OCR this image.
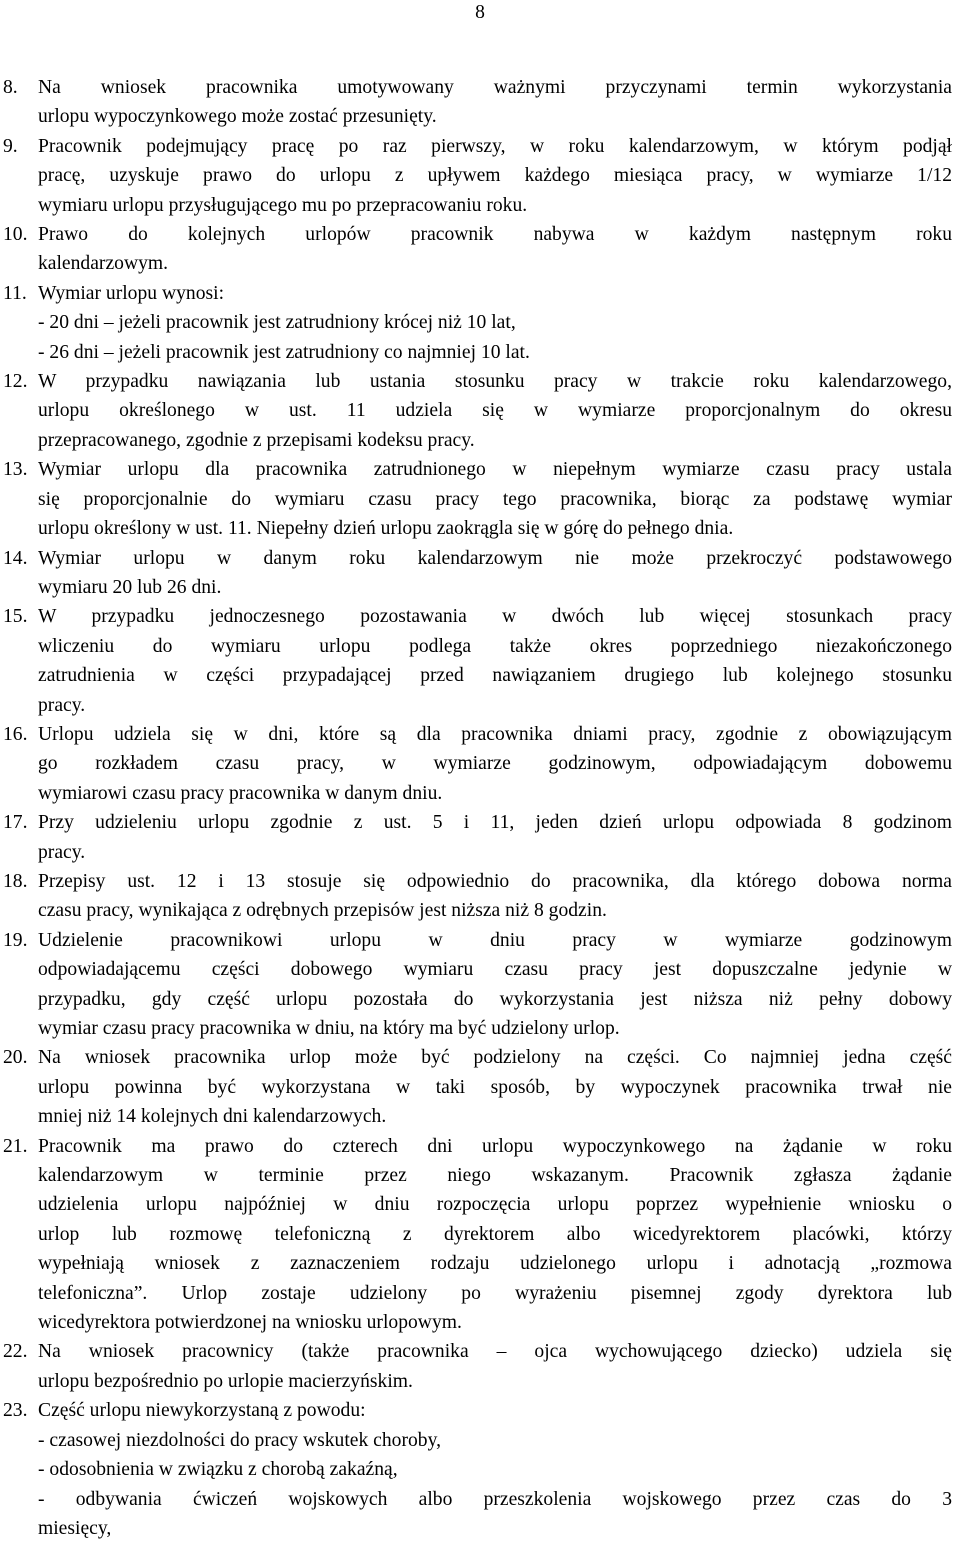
8
8. Na wniosek pracownika umotywowany ważnymi przyczynami termin wykorzystania
urlopu wypoczynkowego może zostać przesunięty.
9. Pracownik podejmujący pracę po raz pierwszy, w roku kalendarzowym, w którym podjął
pracę, uzyskuje prawo do urlopu z upływem każdego miesiąca pracy, w wymiarze 1/12
wymiaru urlopu przysługującego mu po przepracowaniu roku.
10. Prawo do kolejnych urlopów pracownik nabywa w każdym następnym roku
kalendarzowym.
11. Wymiar urlopu wynosi:
- 20 dni – jeżeli pracownik jest zatrudniony krócej niż 10 lat,
- 26 dni – jeżeli pracownik jest zatrudniony co najmniej 10 lat.
12. W przypadku nawiązania lub ustania stosunku pracy w trakcie roku kalendarzowego,
urlopu określonego w ust. 11 udziela się w wymiarze proporcjonalnym do okresu
przepracowanego, zgodnie z przepisami kodeksu pracy.
13. Wymiar urlopu dla pracownika zatrudnionego w niepełnym wymiarze czasu pracy ustala
się proporcjonalnie do wymiaru czasu pracy tego pracownika, biorąc za podstawę wymiar
urlopu określony w ust. 11. Niepełny dzień urlopu zaokrągla się w górę do pełnego dnia.
14. Wymiar urlopu w danym roku kalendarzowym nie może przekroczyć podstawowego
wymiaru 20 lub 26 dni.
15. W przypadku jednoczesnego pozostawania w dwóch lub więcej stosunkach pracy
wliczeniu do wymiaru urlopu podlega także okres poprzedniego niezakończonego
zatrudnienia w części przypadającej przed nawiązaniem drugiego lub kolejnego stosunku
pracy.
16. Urlopu udziela się w dni, które są dla pracownika dniami pracy, zgodnie z obowiązującym
go rozkładem czasu pracy, w wymiarze godzinowym, odpowiadającym dobowemu
wymiarowi czasu pracy pracownika w danym dniu.
17. Przy udzieleniu urlopu zgodnie z ust. 5 i 11, jeden dzień urlopu odpowiada 8 godzinom
pracy.
18. Przepisy ust. 12 i 13 stosuje się odpowiednio do pracownika, dla którego dobowa norma
czasu pracy, wynikająca z odrębnych przepisów jest niższa niż 8 godzin.
19. Udzielenie pracownikowi urlopu w dniu pracy w wymiarze godzinowym
odpowiadającemu części dobowego wymiaru czasu pracy jest dopuszczalne jedynie w
przypadku, gdy część urlopu pozostała do wykorzystania jest niższa niż pełny dobowy
wymiar czasu pracy pracownika w dniu, na który ma być udzielony urlop.
20. Na wniosek pracownika urlop może być podzielony na części. Co najmniej jedna część
urlopu powinna być wykorzystana w taki sposób, by wypoczynek pracownika trwał nie
mniej niż 14 kolejnych dni kalendarzowych.
21. Pracownik ma prawo do czterech dni urlopu wypoczynkowego na żądanie w roku
kalendarzowym w terminie przez niego wskazanym. Pracownik zgłasza żądanie
udzielenia urlopu najpóźniej w dniu rozpoczęcia urlopu poprzez wypełnienie wniosku o
urlop lub rozmowę telefoniczną z dyrektorem albo wicedyrektorem placówki, którzy
wypełniają wniosek z zaznaczeniem rodzaju udzielonego urlopu i adnotacją „rozmowa
telefoniczna”. Urlop zostaje udzielony po wyrażeniu pisemnej zgody dyrektora lub
wicedyrektora potwierdzonej na wniosku urlopowym.
22. Na wniosek pracownicy (także pracownika – ojca wychowującego dziecko) udziela się
urlopu bezpośrednio po urlopie macierzyńskim.
23. Część urlopu niewykorzystaną z powodu:
- czasowej niezdolności do pracy wskutek choroby,
- odosobnienia w związku z chorobą zakaźną,
- odbywania ćwiczeń wojskowych albo przeszkolenia wojskowego przez czas do 3
miesięcy,
